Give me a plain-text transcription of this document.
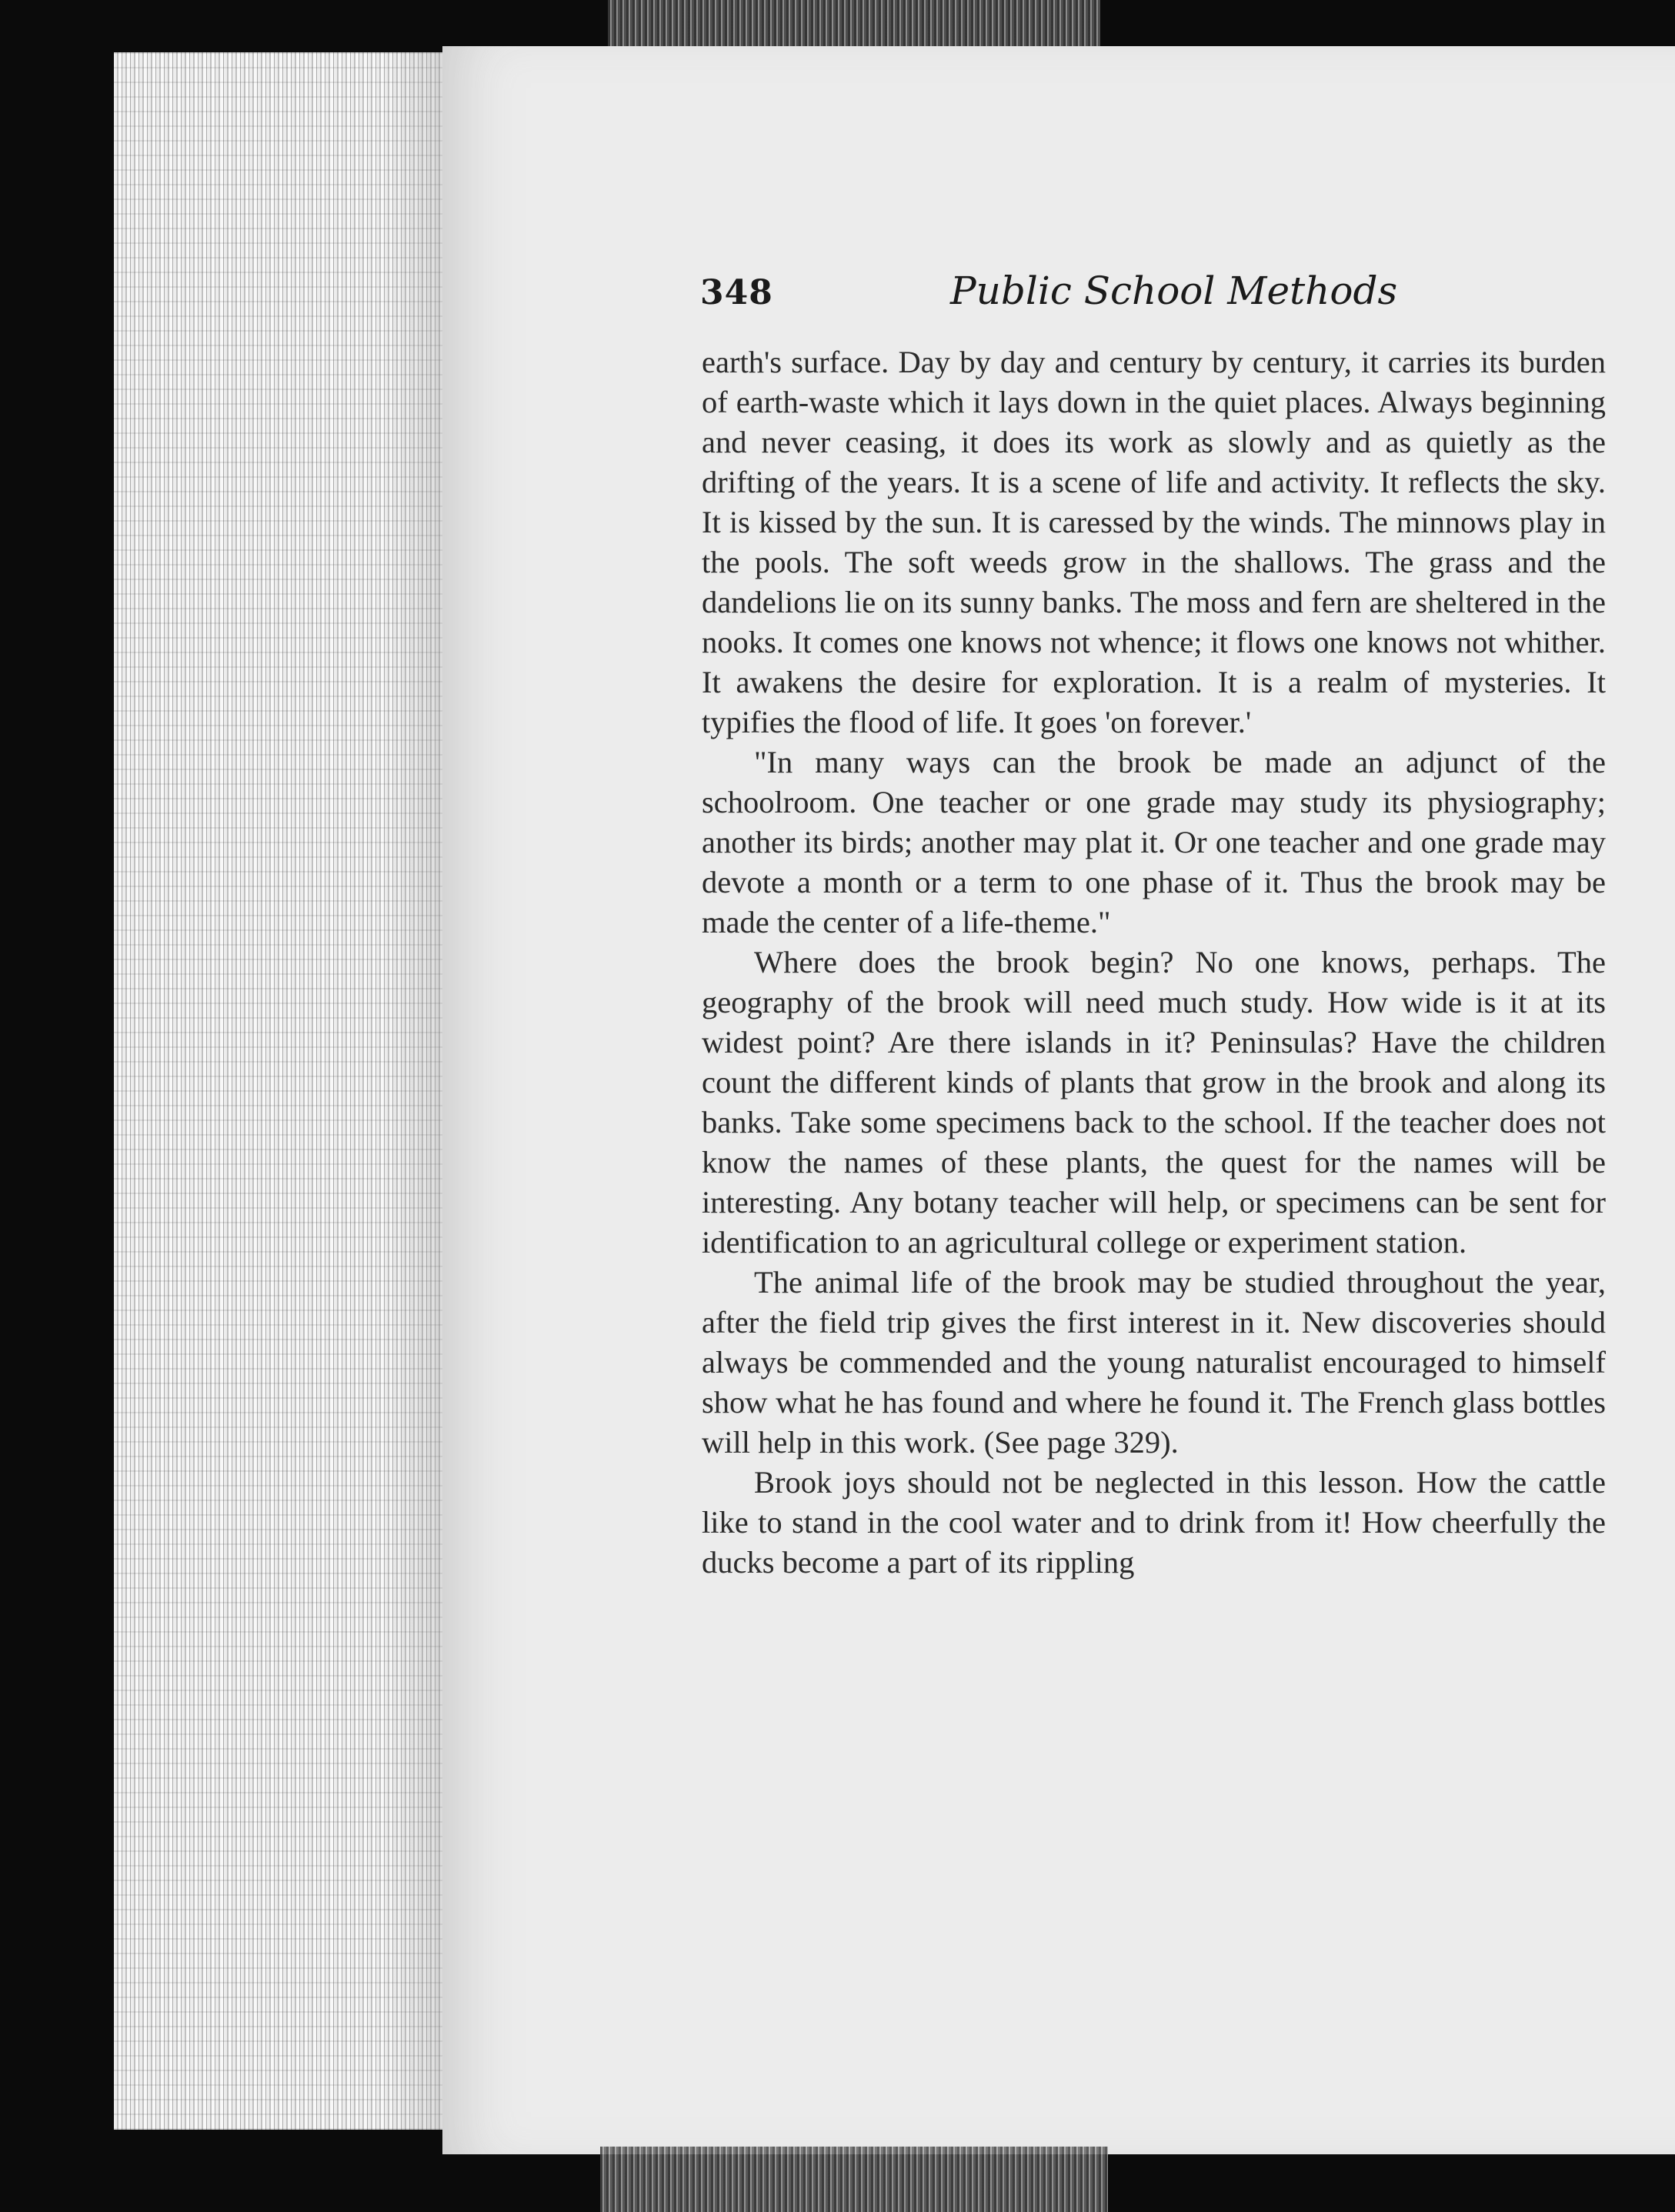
348	Public School Methods

earth's surface. Day by day and century by century, it carries its burden of earth-waste which it lays down in the quiet places. Always beginning and never ceasing, it does its work as slowly and as quietly as the drifting of the years. It is a scene of life and activity. It reflects the sky. It is kissed by the sun. It is caressed by the winds. The minnows play in the pools. The soft weeds grow in the shallows. The grass and the dandelions lie on its sunny banks. The moss and fern are sheltered in the nooks. It comes one knows not whence; it flows one knows not whither. It awakens the desire for exploration. It is a realm of mysteries. It typifies the flood of life. It goes 'on forever.'

"In many ways can the brook be made an adjunct of the schoolroom. One teacher or one grade may study its physiography; another its birds; another may plat it. Or one teacher and one grade may devote a month or a term to one phase of it. Thus the brook may be made the center of a life-theme."

Where does the brook begin? No one knows, perhaps. The geography of the brook will need much study. How wide is it at its widest point? Are there islands in it? Peninsulas? Have the children count the different kinds of plants that grow in the brook and along its banks. Take some specimens back to the school. If the teacher does not know the names of these plants, the quest for the names will be interesting. Any botany teacher will help, or specimens can be sent for identification to an agricultural college or experiment station.

The animal life of the brook may be studied throughout the year, after the field trip gives the first interest in it. New discoveries should always be commended and the young naturalist encouraged to himself show what he has found and where he found it. The French glass bottles will help in this work. (See page 329).

Brook joys should not be neglected in this lesson. How the cattle like to stand in the cool water and to drink from it! How cheerfully the ducks become a part of its rippling
